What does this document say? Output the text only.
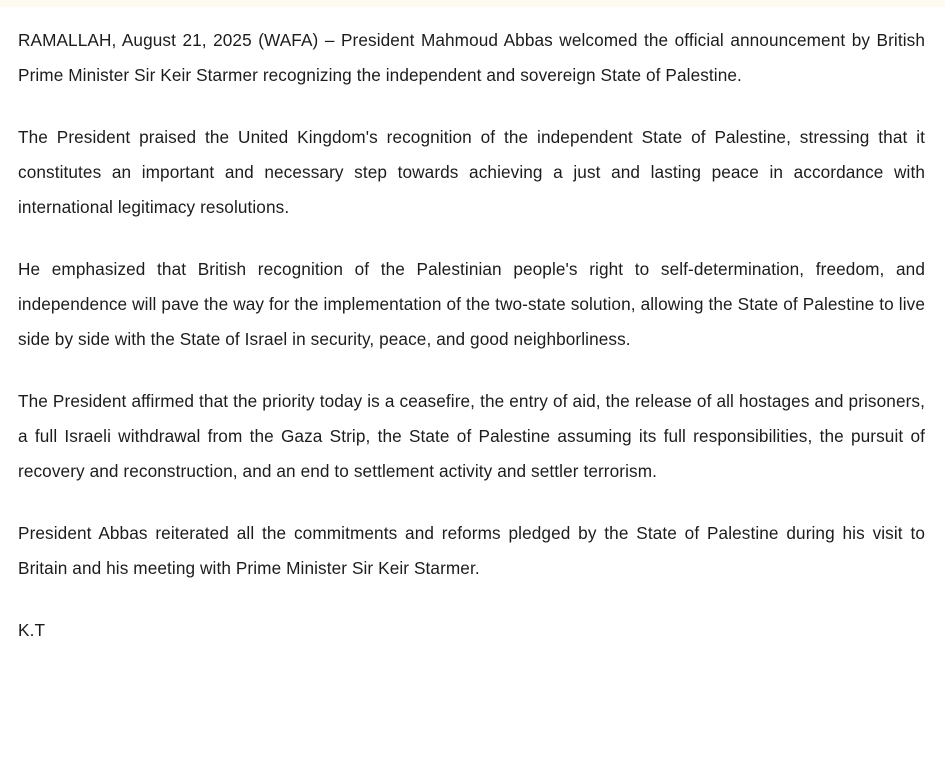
RAMALLAH, August 21, 2025 (WAFA) – President Mahmoud Abbas welcomed the official announcement by British Prime Minister Sir Keir Starmer recognizing the independent and sovereign State of Palestine.

The President praised the United Kingdom's recognition of the independent State of Palestine, stressing that it constitutes an important and necessary step towards achieving a just and lasting peace in accordance with international legitimacy resolutions.

He emphasized that British recognition of the Palestinian people's right to self-determination, freedom, and independence will pave the way for the implementation of the two-state solution, allowing the State of Palestine to live side by side with the State of Israel in security, peace, and good neighborliness.

The President affirmed that the priority today is a ceasefire, the entry of aid, the release of all hostages and prisoners, a full Israeli withdrawal from the Gaza Strip, the State of Palestine assuming its full responsibilities, the pursuit of recovery and reconstruction, and an end to settlement activity and settler terrorism.

President Abbas reiterated all the commitments and reforms pledged by the State of Palestine during his visit to Britain and his meeting with Prime Minister Sir Keir Starmer.

K.T
